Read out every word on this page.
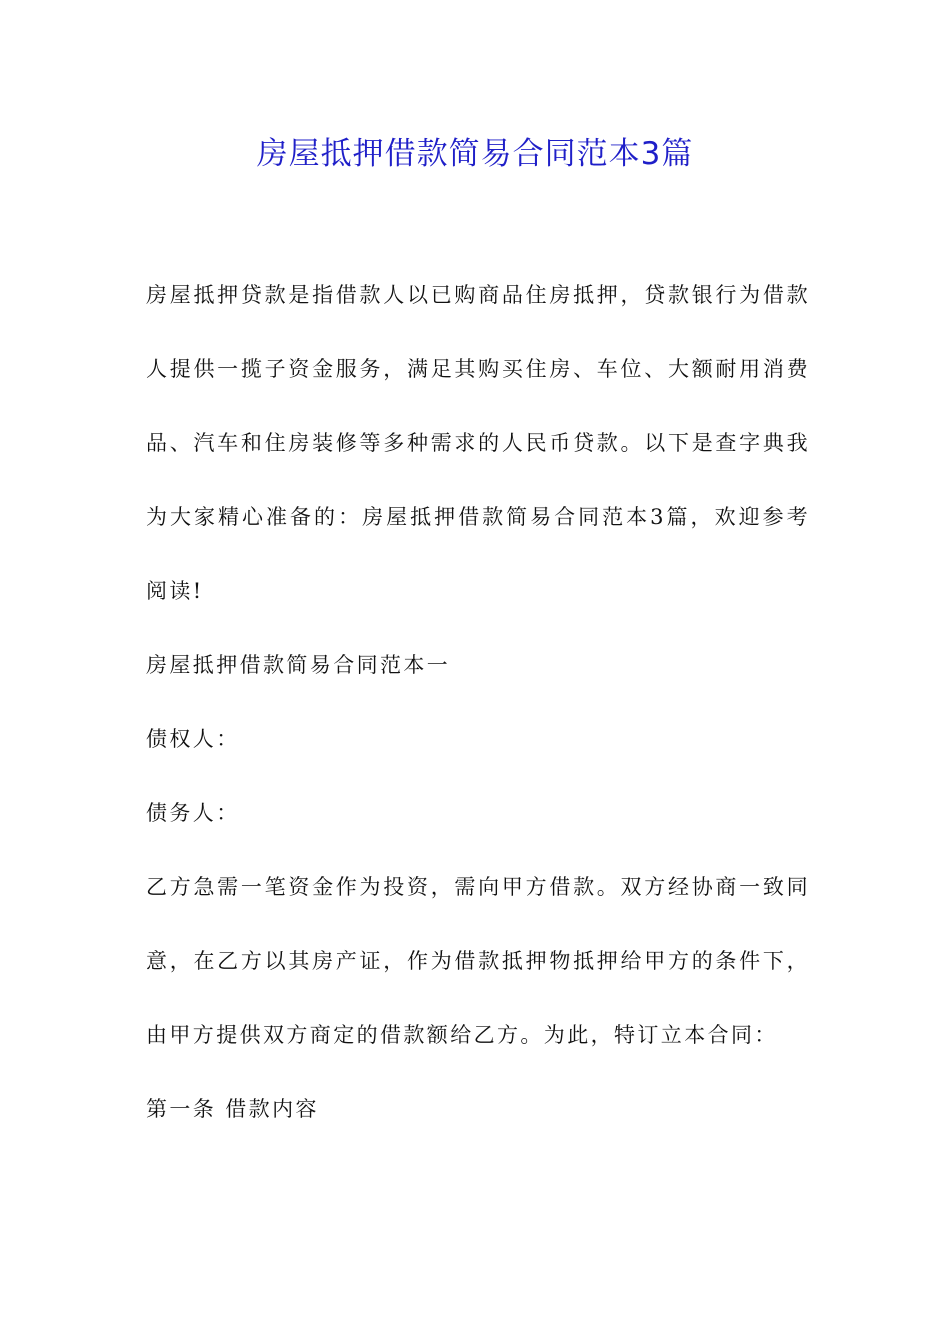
房屋抵押借款简易合同范本3篇

房屋抵押贷款是指借款人以已购商品住房抵押，贷款银行为借款人提供一揽子资金服务，满足其购买住房、车位、大额耐用消费品、汽车和住房装修等多种需求的人民币贷款。以下是查字典我为大家精心准备的：房屋抵押借款简易合同范本3篇，欢迎参考阅读!

房屋抵押借款简易合同范本一

债权人：

债务人：

乙方急需一笔资金作为投资，需向甲方借款。双方经协商一致同意，在乙方以其房产证，作为借款抵押物抵押给甲方的条件下，由甲方提供双方商定的借款额给乙方。为此，特订立本合同：

第一条 借款内容
